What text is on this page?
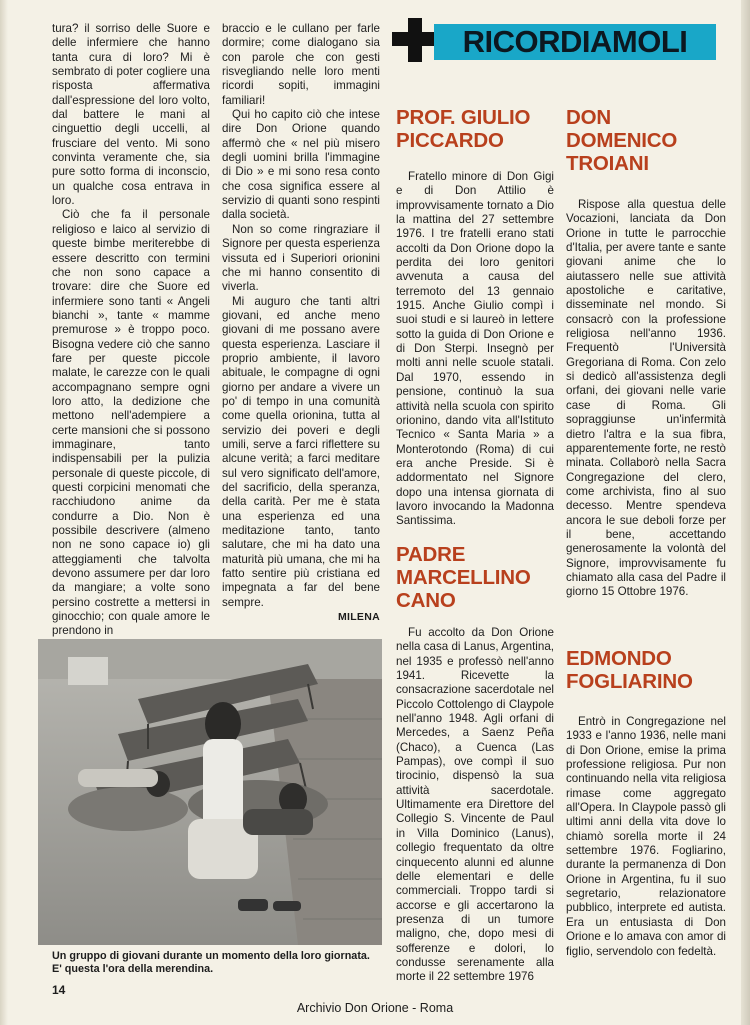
tura? il sorriso delle Suore e delle infermiere che hanno tanta cura di loro? Mi è sembrato di poter cogliere una risposta affermativa dall'espressione del loro volto, dal battere le mani al cinguettio degli uccelli, al frusciare del vento. Mi sono convinta veramente che, sia pure sotto forma di inconscio, un qualche cosa entrava in loro.

Ciò che fa il personale religioso e laico al servizio di queste bimbe meriterebbe di essere descritto con termini che non sono capace a trovare: dire che Suore ed infermiere sono tanti « Angeli bianchi », tante « mamme premurose » è troppo poco. Bisogna vedere ciò che sanno fare per queste piccole malate, le carezze con le quali accompagnano sempre ogni loro atto, la dedizione che mettono nell'adempiere a certe mansioni che si possono immaginare, tanto indispensabili per la pulizia personale di queste piccole, di questi corpicini menomati che racchiudono anime da condurre a Dio. Non è possibile descrivere (almeno non ne sono capace io) gli atteggiamenti che talvolta devono assumere per dar loro da mangiare; a volte sono persino costrette a mettersi in ginocchio; con quale amore le prendono in

braccio e le cullano per farle dormire; come dialogano sia con parole che con gesti risvegliando nelle loro menti ricordi sopiti, immagini familiari!

Qui ho capito ciò che intese dire Don Orione quando affermò che « nel più misero degli uomini brilla l'immagine di Dio » e mi sono resa conto che cosa significa essere al servizio di quanti sono respinti dalla società.

Non so come ringraziare il Signore per questa esperienza vissuta ed i Superiori orionini che mi hanno consentito di viverla.

Mi auguro che tanti altri giovani, ed anche meno giovani di me possano avere questa esperienza. Lasciare il proprio ambiente, il lavoro abituale, le compagne di ogni giorno per andare a vivere un po' di tempo in una comunità come quella orionina, tutta al servizio dei poveri e degli umili, serve a farci riflettere su alcune verità; a farci meditare sul vero significato dell'amore, del sacrificio, della speranza, della carità. Per me è stata una esperienza ed una meditazione tanto, tanto salutare, che mi ha dato una maturità più umana, che mi ha fatto sentire più cristiana ed impegnata a far del bene sempre.

MILENA
RICORDIAMOLI
PROF. GIULIO PICCARDO

Fratello minore di Don Gigi e di Don Attilio è improvvisamente tornato a Dio la mattina del 27 settembre 1976. I tre fratelli erano stati accolti da Don Orione dopo la perdita dei loro genitori avvenuta a causa del terremoto del 13 gennaio 1915. Anche Giulio compì i suoi studi e si laureò in lettere sotto la guida di Don Orione e di Don Sterpi. Insegnò per molti anni nelle scuole statali. Dal 1970, essendo in pensione, continuò la sua attività nella scuola con spirito orionino, dando vita all'Istituto Tecnico « Santa Maria » a Monterotondo (Roma) di cui era anche Preside. Si è addormentato nel Signore dopo una intensa giornata di lavoro invocando la Madonna Santissima.

DON DOMENICO TROIANI

Rispose alla questua delle Vocazioni, lanciata da Don Orione in tutte le parrocchie d'Italia, per avere tante e sante giovani anime che lo aiutassero nelle sue attività apostoliche e caritative, disseminate nel mondo. Si consacrò con la professione religiosa nell'anno 1936. Frequentò l'Università Gregoriana di Roma. Con zelo si dedicò all'assistenza degli orfani, dei giovani nelle varie case di Roma. Gli sopraggiunse un'infermità dietro l'altra e la sua fibra, apparentemente forte, ne restò minata. Collaborò nella Sacra Congregazione del clero, come archivista, fino al suo decesso. Mentre spendeva ancora le sue deboli forze per il bene, accettando generosamente la volontà del Signore, improvvisamente fu chiamato alla casa del Padre il giorno 15 Ottobre 1976.

PADRE MARCELLINO CANO

Fu accolto da Don Orione nella casa di Lanus, Argentina, nel 1935 e professò nell'anno 1941. Ricevette la consacrazione sacerdotale nel Piccolo Cottolengo di Claypole nell'anno 1948. Agli orfani di Mercedes, a Saenz Peña (Chaco), a Cuenca (Las Pampas), ove compì il suo tirocinio, dispensò la sua attività sacerdotale. Ultimamente era Direttore del Collegio S. Vincente de Paul in Villa Dominico (Lanus), collegio frequentato da oltre cinquecento alunni ed alunne delle elementari e delle commerciali. Troppo tardi si accorse e gli accertarono la presenza di un tumore maligno, che, dopo mesi di sofferenze e dolori, lo condusse serenamente alla morte il 22 settembre 1976

EDMONDO FOGLIARINO

Entrò in Congregazione nel 1933 e l'anno 1936, nelle mani di Don Orione, emise la prima professione religiosa. Pur non continuando nella vita religiosa rimase come aggregato all'Opera. In Claypole passò gli ultimi anni della vita dove lo chiamò sorella morte il 24 settembre 1976. Fogliarino, durante la permanenza di Don Orione in Argentina, fu il suo segretario, relazionatore pubblico, interprete ed autista. Era un entusiasta di Don Orione e lo amava con amor di figlio, servendolo con fedeltà.

Un gruppo di giovani durante un momento della loro giornata. E' questa l'ora della merendina.
14
Archivio Don Orione - Roma
